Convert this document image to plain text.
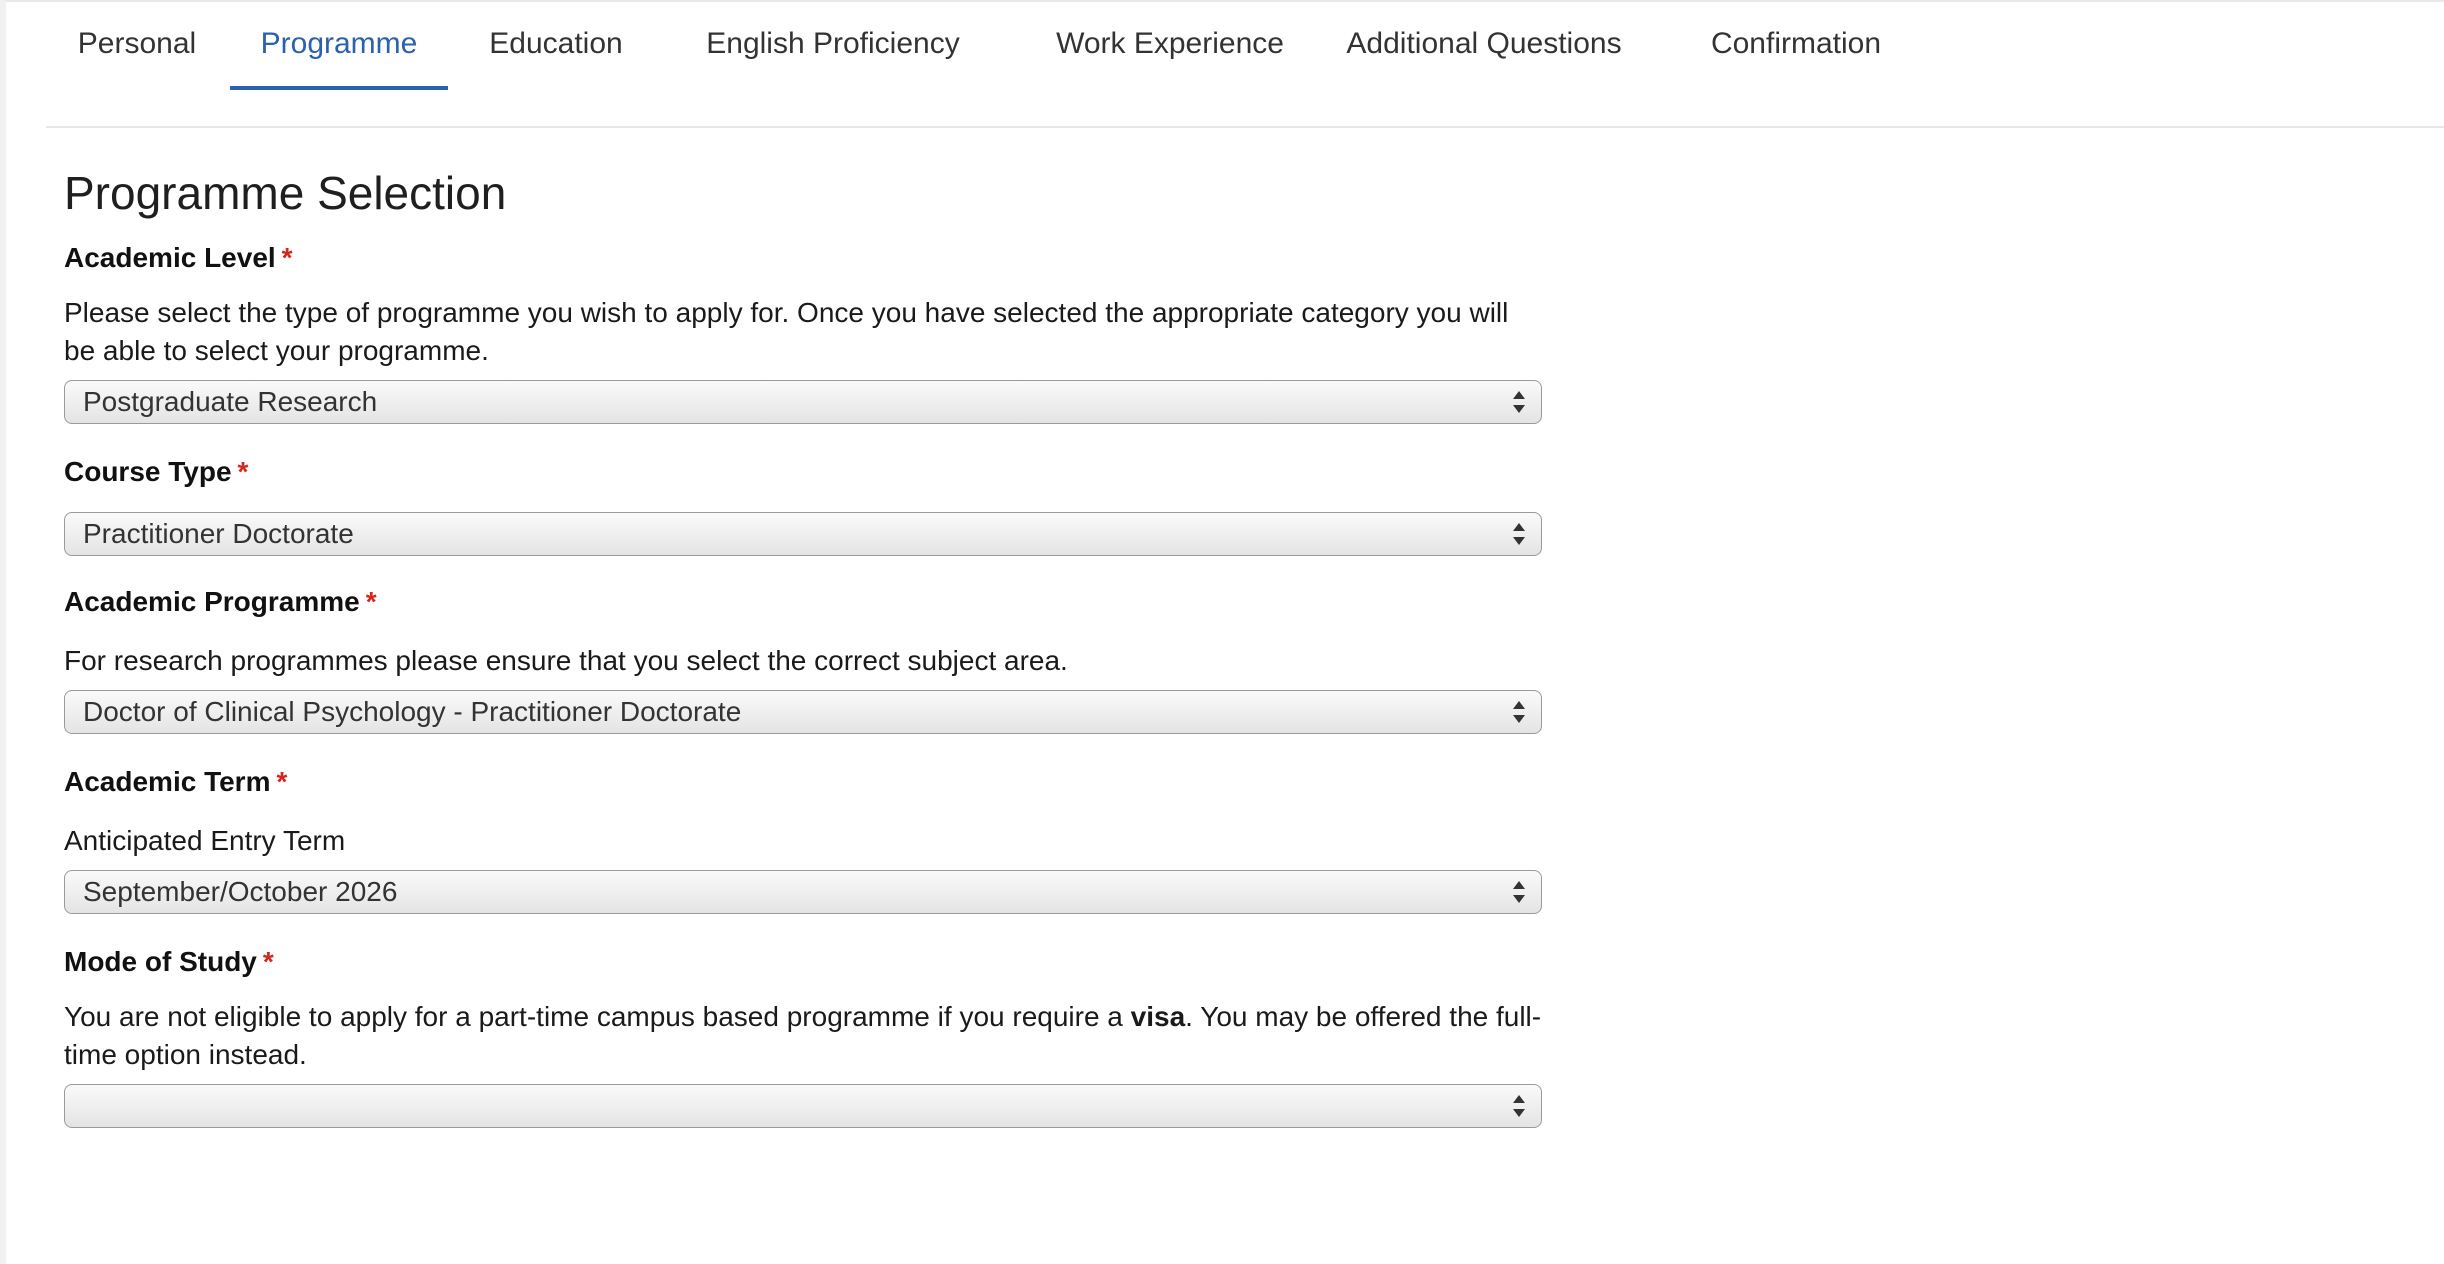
Personal	Programme	Education	English Proficiency	Work Experience	Additional Questions	Confirmation
Programme Selection
Academic Level *
Please select the type of programme you wish to apply for. Once you have selected the appropriate category you will be able to select your programme.
Postgraduate Research
Course Type *
Practitioner Doctorate
Academic Programme *
For research programmes please ensure that you select the correct subject area.
Doctor of Clinical Psychology - Practitioner Doctorate
Academic Term *
Anticipated Entry Term
September/October 2026
Mode of Study *
You are not eligible to apply for a part-time campus based programme if you require a visa. You may be offered the full-time option instead.
